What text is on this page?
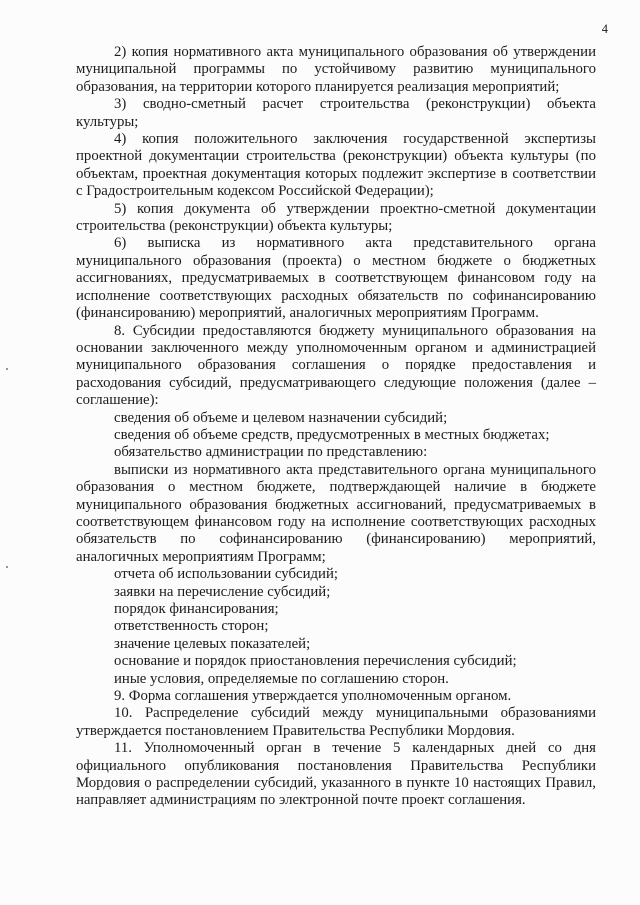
4

2) копия нормативного акта муниципального образования об утверждении муниципальной программы по устойчивому развитию муниципального образования, на территории которого планируется реализация мероприятий;

3) сводно-сметный расчет строительства (реконструкции) объекта культуры;

4) копия положительного заключения государственной экспертизы проектной документации строительства (реконструкции) объекта культуры (по объектам, проектная документация которых подлежит экспертизе в соответствии с Градостроительным кодексом Российской Федерации);

5) копия документа об утверждении проектно-сметной документации строительства (реконструкции) объекта культуры;

6) выписка из нормативного акта представительного органа муниципального образования (проекта) о местном бюджете о бюджетных ассигнованиях, предусматриваемых в соответствующем финансовом году на исполнение соответствующих расходных обязательств по софинансированию (финансированию) мероприятий, аналогичных мероприятиям Программ.

8. Субсидии предоставляются бюджету муниципального образования на основании заключенного между уполномоченным органом и администрацией муниципального образования соглашения о порядке предоставления и расходования субсидий, предусматривающего следующие положения (далее – соглашение):

сведения об объеме и целевом назначении субсидий;

сведения об объеме средств, предусмотренных в местных бюджетах;

обязательство администрации по представлению:

выписки из нормативного акта представительного органа муниципального образования о местном бюджете, подтверждающей наличие в бюджете муниципального образования бюджетных ассигнований, предусматриваемых в соответствующем финансовом году на исполнение соответствующих расходных обязательств по софинансированию (финансированию) мероприятий, аналогичных мероприятиям Программ;

отчета об использовании субсидий;

заявки на перечисление субсидий;

порядок финансирования;

ответственность сторон;

значение целевых показателей;

основание и порядок приостановления перечисления субсидий;

иные условия, определяемые по соглашению сторон.

9. Форма соглашения утверждается уполномоченным органом.

10. Распределение субсидий между муниципальными образованиями утверждается постановлением Правительства Республики Мордовия.

11. Уполномоченный орган в течение 5 календарных дней со дня официального опубликования постановления Правительства Республики Мордовия о распределении субсидий, указанного в пункте 10 настоящих Правил, направляет администрациям по электронной почте проект соглашения.
